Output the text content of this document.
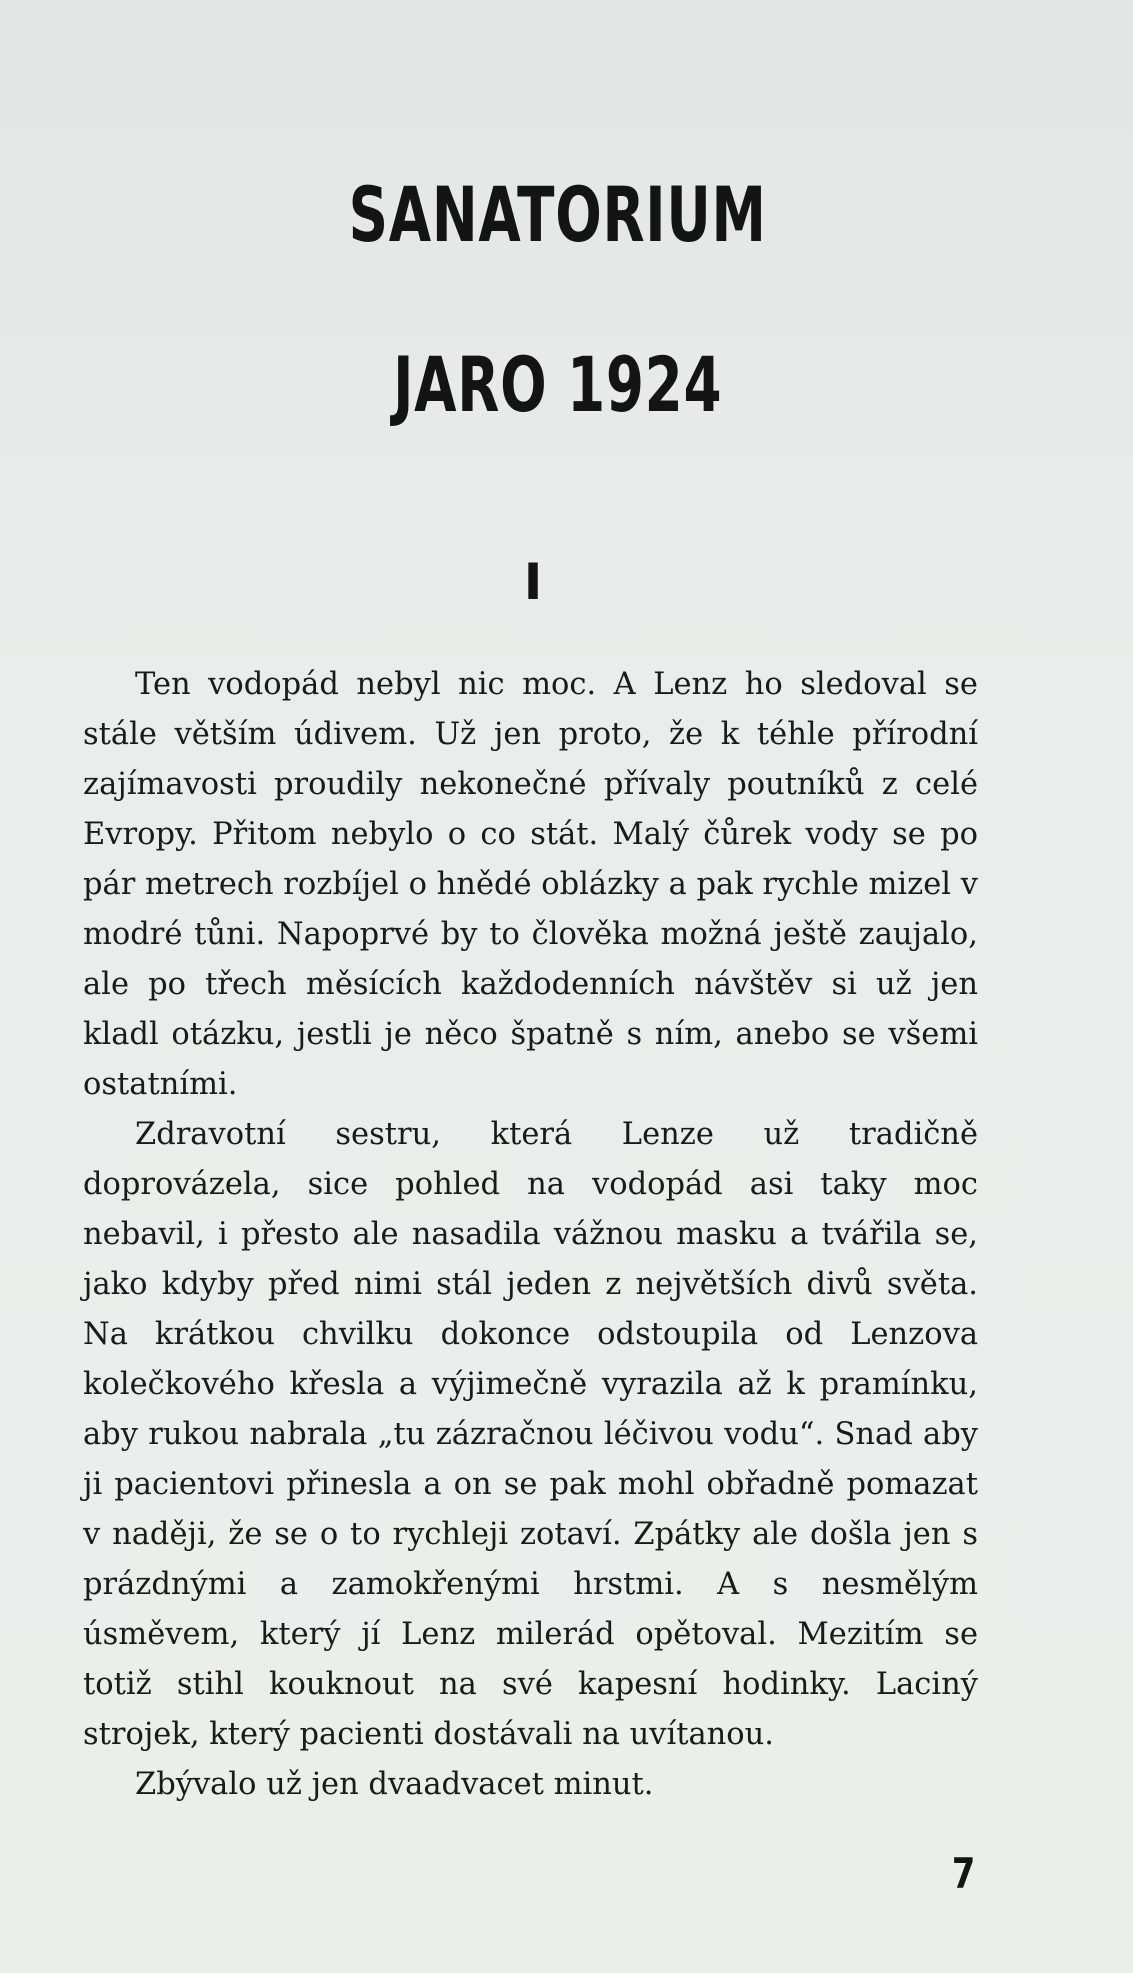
SANATORIUM
JARO 1924
I

Ten vodopád nebyl nic moc. A Lenz ho sledoval se stále větším údivem. Už jen proto, že k téhle přírodní zajímavosti proudily nekonečné přívaly poutníků z celé Evropy. Přitom nebylo o co stát. Malý čůrek vody se po pár metrech rozbíjel o hnědé oblázky a pak rychle mizel v modré tůni. Napoprvé by to člověka možná ještě zaujalo, ale po třech měsících každodenních návštěv si už jen kladl otázku, jestli je něco špatně s ním, anebo se všemi ostatními.

Zdravotní sestru, která Lenze už tradičně doprovázela, sice pohled na vodopád asi taky moc nebavil, i přesto ale nasadila vážnou masku a tvářila se, jako kdyby před nimi stál jeden z největších divů světa. Na krátkou chvilku dokonce odstoupila od Lenzova kolečkového křesla a výjimečně vyrazila až k pramínku, aby rukou nabrala „tu zázračnou léčivou vodu“. Snad aby ji pacientovi přinesla a on se pak mohl obřadně pomazat v naději, že se o to rychleji zotaví. Zpátky ale došla jen s prázdnými a zamokřenými hrstmi. A s nesmělým úsměvem, který jí Lenz milerád opětoval. Mezitím se totiž stihl kouknout na své kapesní hodinky. Laciný strojek, který pacienti dostávali na uvítanou.

Zbývalo už jen dvaadvacet minut.

7
